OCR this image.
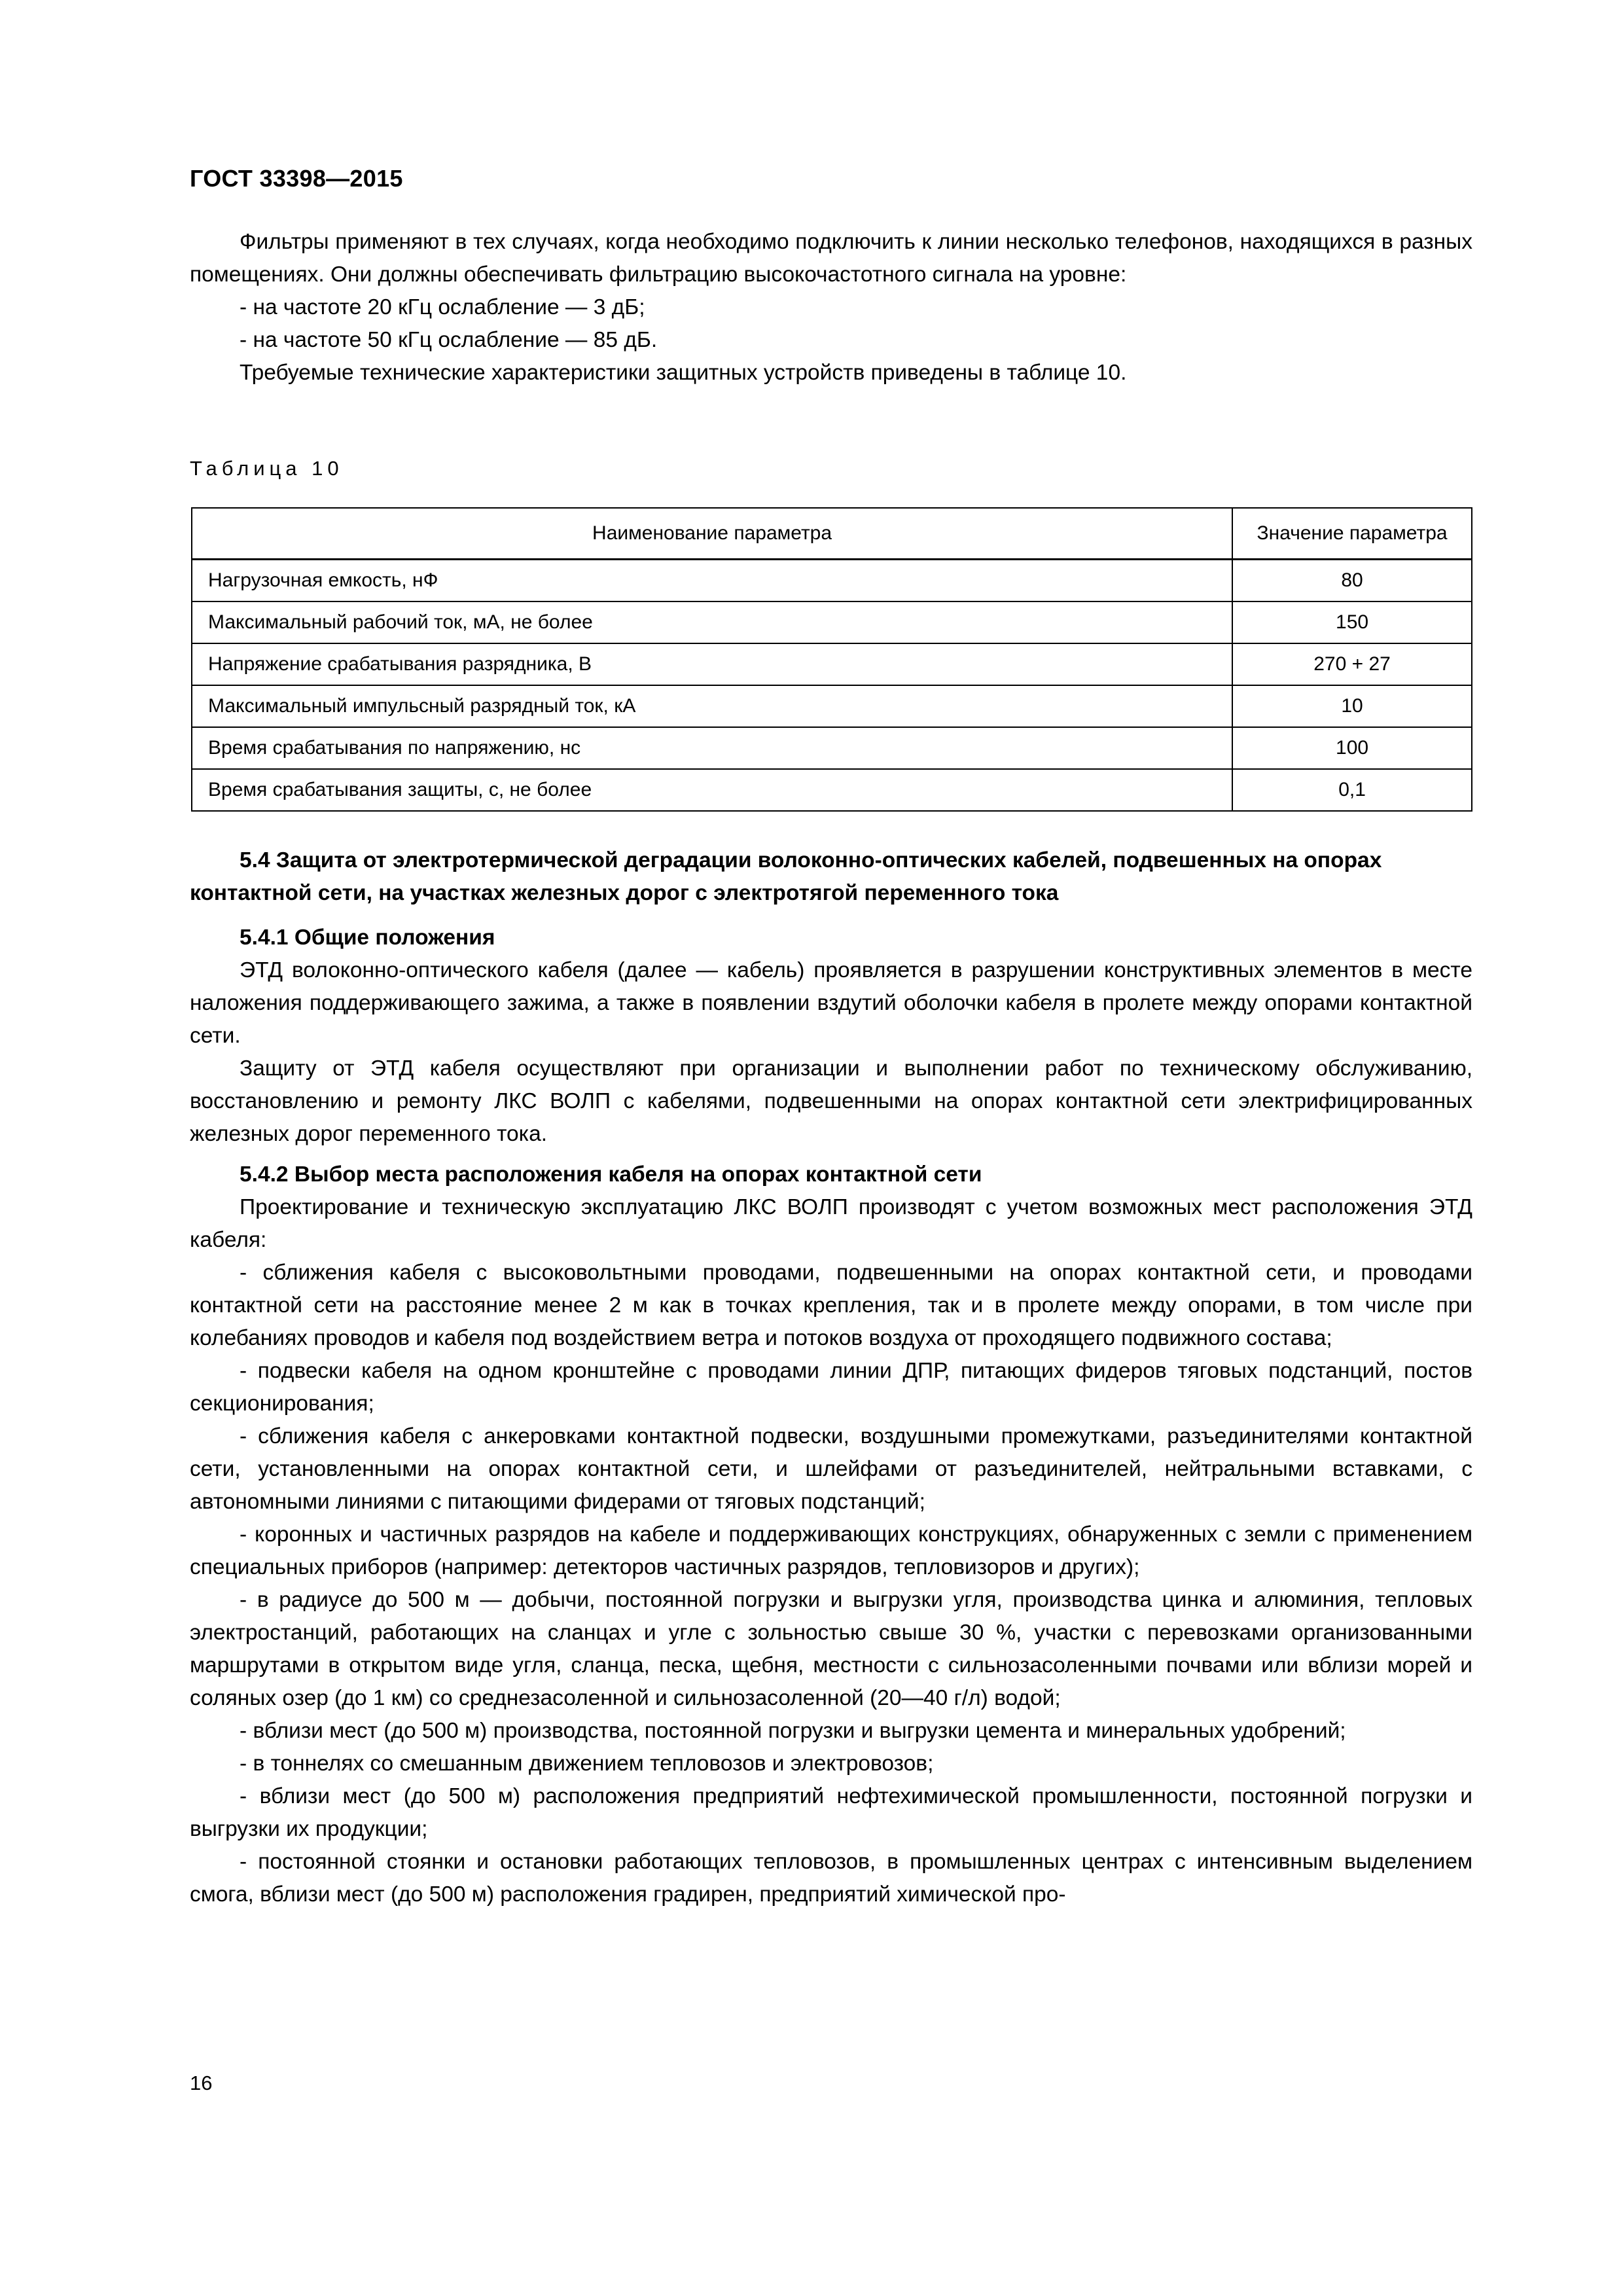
ГОСТ 33398—2015

Фильтры применяют в тех случаях, когда необходимо подключить к линии несколько телефонов, находящихся в разных помещениях. Они должны обеспечивать фильтрацию высокочастотного сигнала на уровне:

- на частоте 20 кГц ослабление — 3 дБ;

- на частоте 50 кГц ослабление — 85 дБ.

Требуемые технические характеристики защитных устройств приведены в таблице 10.

Таблица 10
Наименование параметра	Значение параметра
Нагрузочная емкость, нФ	80
Максимальный рабочий ток, мА, не более	150
Напряжение срабатывания разрядника, В	270 + 27
Максимальный импульсный разрядный ток, кА	10
Время срабатывания по напряжению, нс	100
Время срабатывания защиты, с, не более	0,1

5.4 Защита от электротермической деградации волоконно-оптических кабелей, подвешенных на опорах контактной сети, на участках железных дорог с электротягой переменного тока

5.4.1 Общие положения

ЭТД волоконно-оптического кабеля (далее — кабель) проявляется в разрушении конструктивных элементов в месте наложения поддерживающего зажима, а также в появлении вздутий оболочки кабеля в пролете между опорами контактной сети.

Защиту от ЭТД кабеля осуществляют при организации и выполнении работ по техническому обслуживанию, восстановлению и ремонту ЛКС ВОЛП с кабелями, подвешенными на опорах контактной сети электрифицированных железных дорог переменного тока.

5.4.2 Выбор места расположения кабеля на опорах контактной сети

Проектирование и техническую эксплуатацию ЛКС ВОЛП производят с учетом возможных мест расположения ЭТД кабеля:

- сближения кабеля с высоковольтными проводами, подвешенными на опорах контактной сети, и проводами контактной сети на расстояние менее 2 м как в точках крепления, так и в пролете между опорами, в том числе при колебаниях проводов и кабеля под воздействием ветра и потоков воздуха от проходящего подвижного состава;

- подвески кабеля на одном кронштейне с проводами линии ДПР, питающих фидеров тяговых подстанций, постов секционирования;

- сближения кабеля с анкеровками контактной подвески, воздушными промежутками, разъединителями контактной сети, установленными на опорах контактной сети, и шлейфами от разъединителей, нейтральными вставками, с автономными линиями с питающими фидерами от тяговых подстанций;

- коронных и частичных разрядов на кабеле и поддерживающих конструкциях, обнаруженных с земли с применением специальных приборов (например: детекторов частичных разрядов, тепловизоров и других);

- в радиусе до 500 м — добычи, постоянной погрузки и выгрузки угля, производства цинка и алюминия, тепловых электростанций, работающих на сланцах и угле с зольностью свыше 30 %, участки с перевозками организованными маршрутами в открытом виде угля, сланца, песка, щебня, местности с сильнозасоленными почвами или вблизи морей и соляных озер (до 1 км) со среднезасоленной и сильнозасоленной (20—40 г/л) водой;

- вблизи мест (до 500 м) производства, постоянной погрузки и выгрузки цемента и минеральных удобрений;

- в тоннелях со смешанным движением тепловозов и электровозов;

- вблизи мест (до 500 м) расположения предприятий нефтехимической промышленности, постоянной погрузки и выгрузки их продукции;

- постоянной стоянки и остановки работающих тепловозов, в промышленных центрах с интенсивным выделением смога, вблизи мест (до 500 м) расположения градирен, предприятий химической про-

16
